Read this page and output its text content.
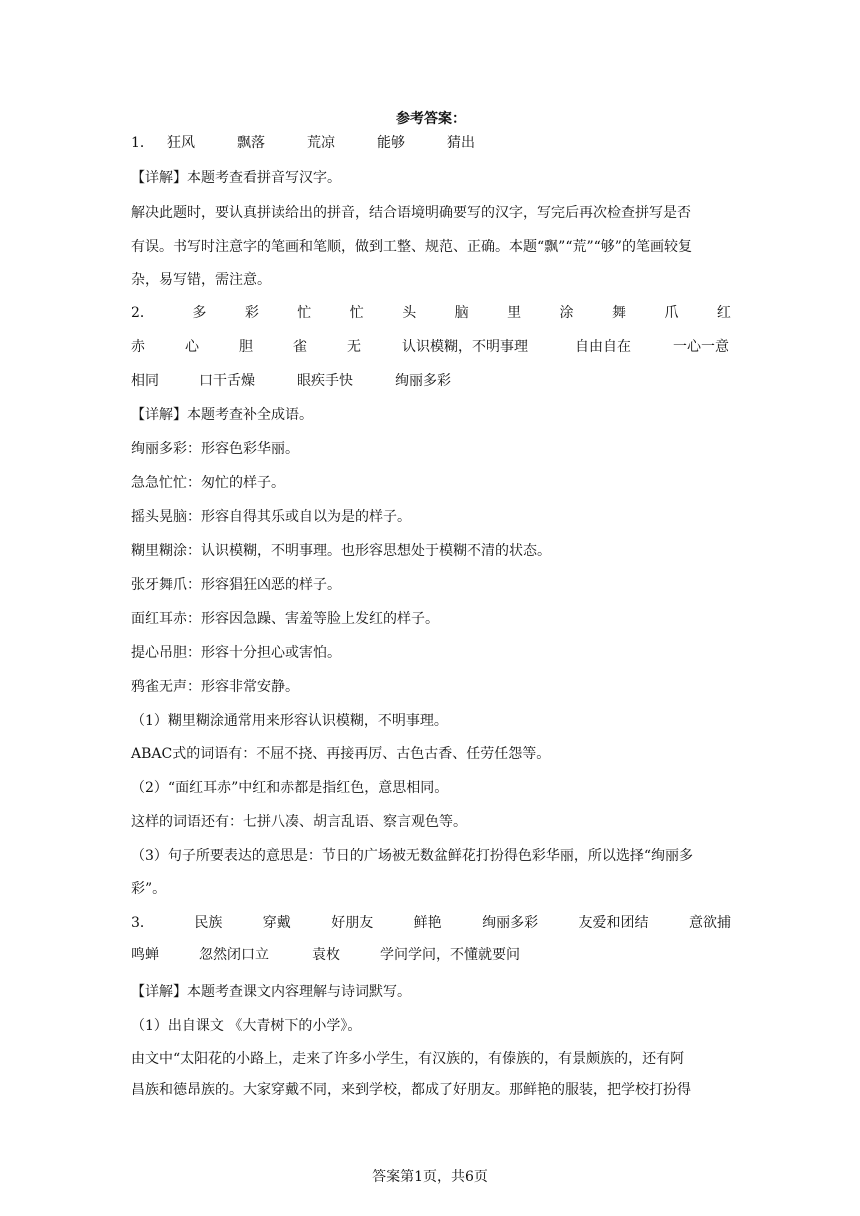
参考答案：
1． 狂风	飘落	荒凉	能够	猜出
【详解】本题考查看拼音写汉字。
解决此题时，要认真拼读给出的拼音，结合语境明确要写的汉字，写完后再次检查拼写是否
有误。书写时注意字的笔画和笔顺，做到工整、规范、正确。本题“飘”“荒”“够”的笔画较复
杂，易写错，需注意。
2．	多	彩	忙	忙	头	脑	里	涂	舞	爪	红
赤	心	胆	雀	无	认识模糊，不明事理	自由自在	一心一意
相同	口干舌燥	眼疾手快	绚丽多彩
【详解】本题考查补全成语。
绚丽多彩：形容色彩华丽。
急急忙忙：匆忙的样子。
摇头晃脑：形容自得其乐或自以为是的样子。
糊里糊涂：认识模糊，不明事理。也形容思想处于模糊不清的状态。
张牙舞爪：形容猖狂凶恶的样子。
面红耳赤：形容因急躁、害羞等脸上发红的样子。
提心吊胆：形容十分担心或害怕。
鸦雀无声：形容非常安静。
（1）糊里糊涂通常用来形容认识模糊，不明事理。
ABAC式的词语有：不屈不挠、再接再厉、古色古香、任劳任怨等。
（2）“面红耳赤”中红和赤都是指红色，意思相同。
这样的词语还有：七拼八凑、胡言乱语、察言观色等。
（3）句子所要表达的意思是：节日的广场被无数盆鲜花打扮得色彩华丽，所以选择“绚丽多
彩”。
3．	民族	穿戴	好朋友	鲜艳	绚丽多彩	友爱和团结	意欲捕
鸣蝉	忽然闭口立	袁枚	学问学问，不懂就要问
【详解】本题考查课文内容理解与诗词默写。
（1）出自课文 《大青树下的小学》。
由文中“太阳花的小路上，走来了许多小学生，有汉族的，有傣族的，有景颇族的，还有阿
昌族和德昂族的。大家穿戴不同，来到学校，都成了好朋友。那鲜艳的服装，把学校打扮得
答案第1页，共6页
